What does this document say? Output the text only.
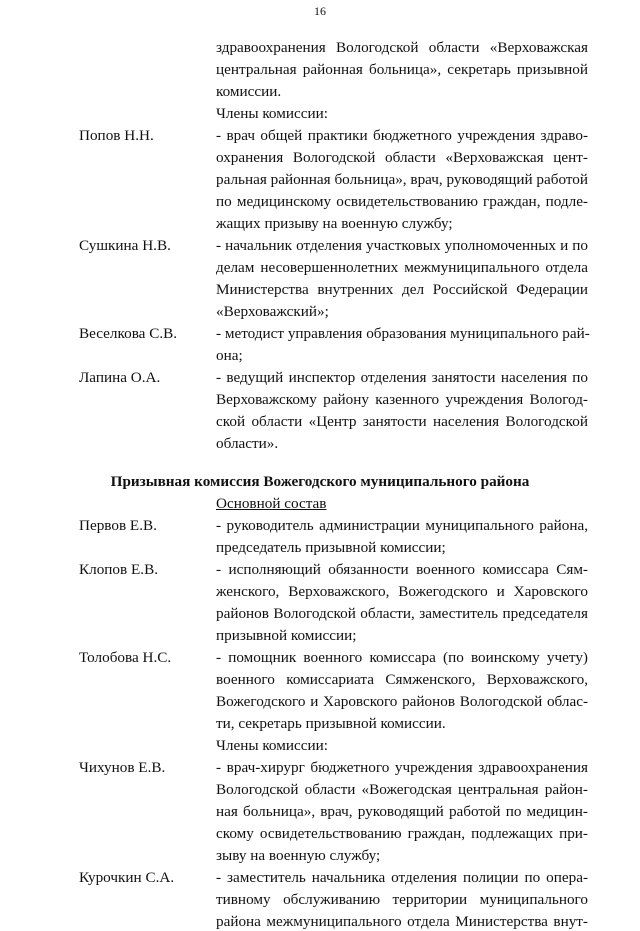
16
здравоохранения Вологодской области «Верховажская
центральная районная больница», секретарь призывной
комиссии.
Члены комиссии:
Попов Н.Н.	- врач общей практики бюджетного учреждения здраво-
охранения Вологодской области «Верховажская цент-
ральная районная больница», врач, руководящий работой
по медицинскому освидетельствованию граждан, подле-
жащих призыву на военную службу;
Сушкина Н.В.	- начальник отделения участковых уполномоченных и по
делам несовершеннолетних межмуниципального отдела
Министерства внутренних дел Российской Федерации
«Верховажский»;
Веселкова С.В.	- методист управления образования муниципального рай-
она;
Лапина О.А.	- ведущий инспектор отделения занятости населения по
Верховажскому району казенного учреждения Вологод-
ской области «Центр занятости населения Вологодской
области».
Призывная комиссия Вожегодского муниципального района
Основной состав
Первов Е.В.	- руководитель администрации муниципального района,
председатель призывной комиссии;
Клопов Е.В.	- исполняющий обязанности военного комиссара Сям-
женского, Верховажского, Вожегодского и Харовского
районов Вологодской области, заместитель председателя
призывной комиссии;
Толобова Н.С.	- помощник военного комиссара (по воинскому учету)
военного комиссариата Сямженского, Верховажского,
Вожегодского и Харовского районов Вологодской облас-
ти, секретарь призывной комиссии.
Члены комиссии:
Чихунов Е.В.	- врач-хирург бюджетного учреждения здравоохранения
Вологодской области «Вожегодская центральная район-
ная больница», врач, руководящий работой по медицин-
скому освидетельствованию граждан, подлежащих при-
зыву на военную службу;
Курочкин С.А.	- заместитель начальника отделения полиции по опера-
тивному обслуживанию территории муниципального
района межмуниципального отдела Министерства внут-
